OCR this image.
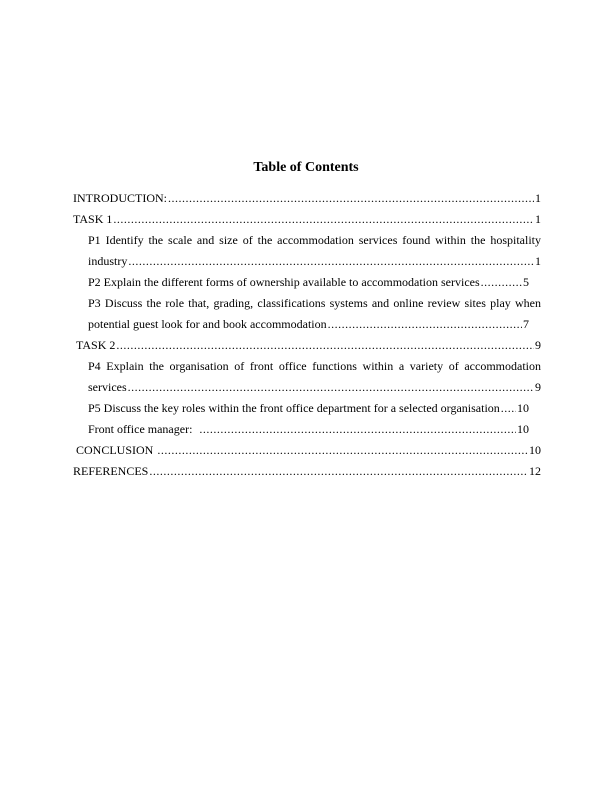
Table of Contents
INTRODUCTION: .....	1
TASK 1 .....	1
P1 Identify the scale and size of the accommodation services found within the hospitality
industry .....	1
P2 Explain the different forms of ownership available to accommodation services .....	5
P3 Discuss the role that, grading, classifications systems and online review sites play when
potential guest look for and book accommodation .....	7
TASK 2 .....	9
P4 Explain the organisation of front office functions within a variety of accommodation
services .....	9
P5 Discuss the key roles within the front office department for a selected organisation ..... 10
Front office manager: .....	10
CONCLUSION .....	10
REFERENCES .....	12
